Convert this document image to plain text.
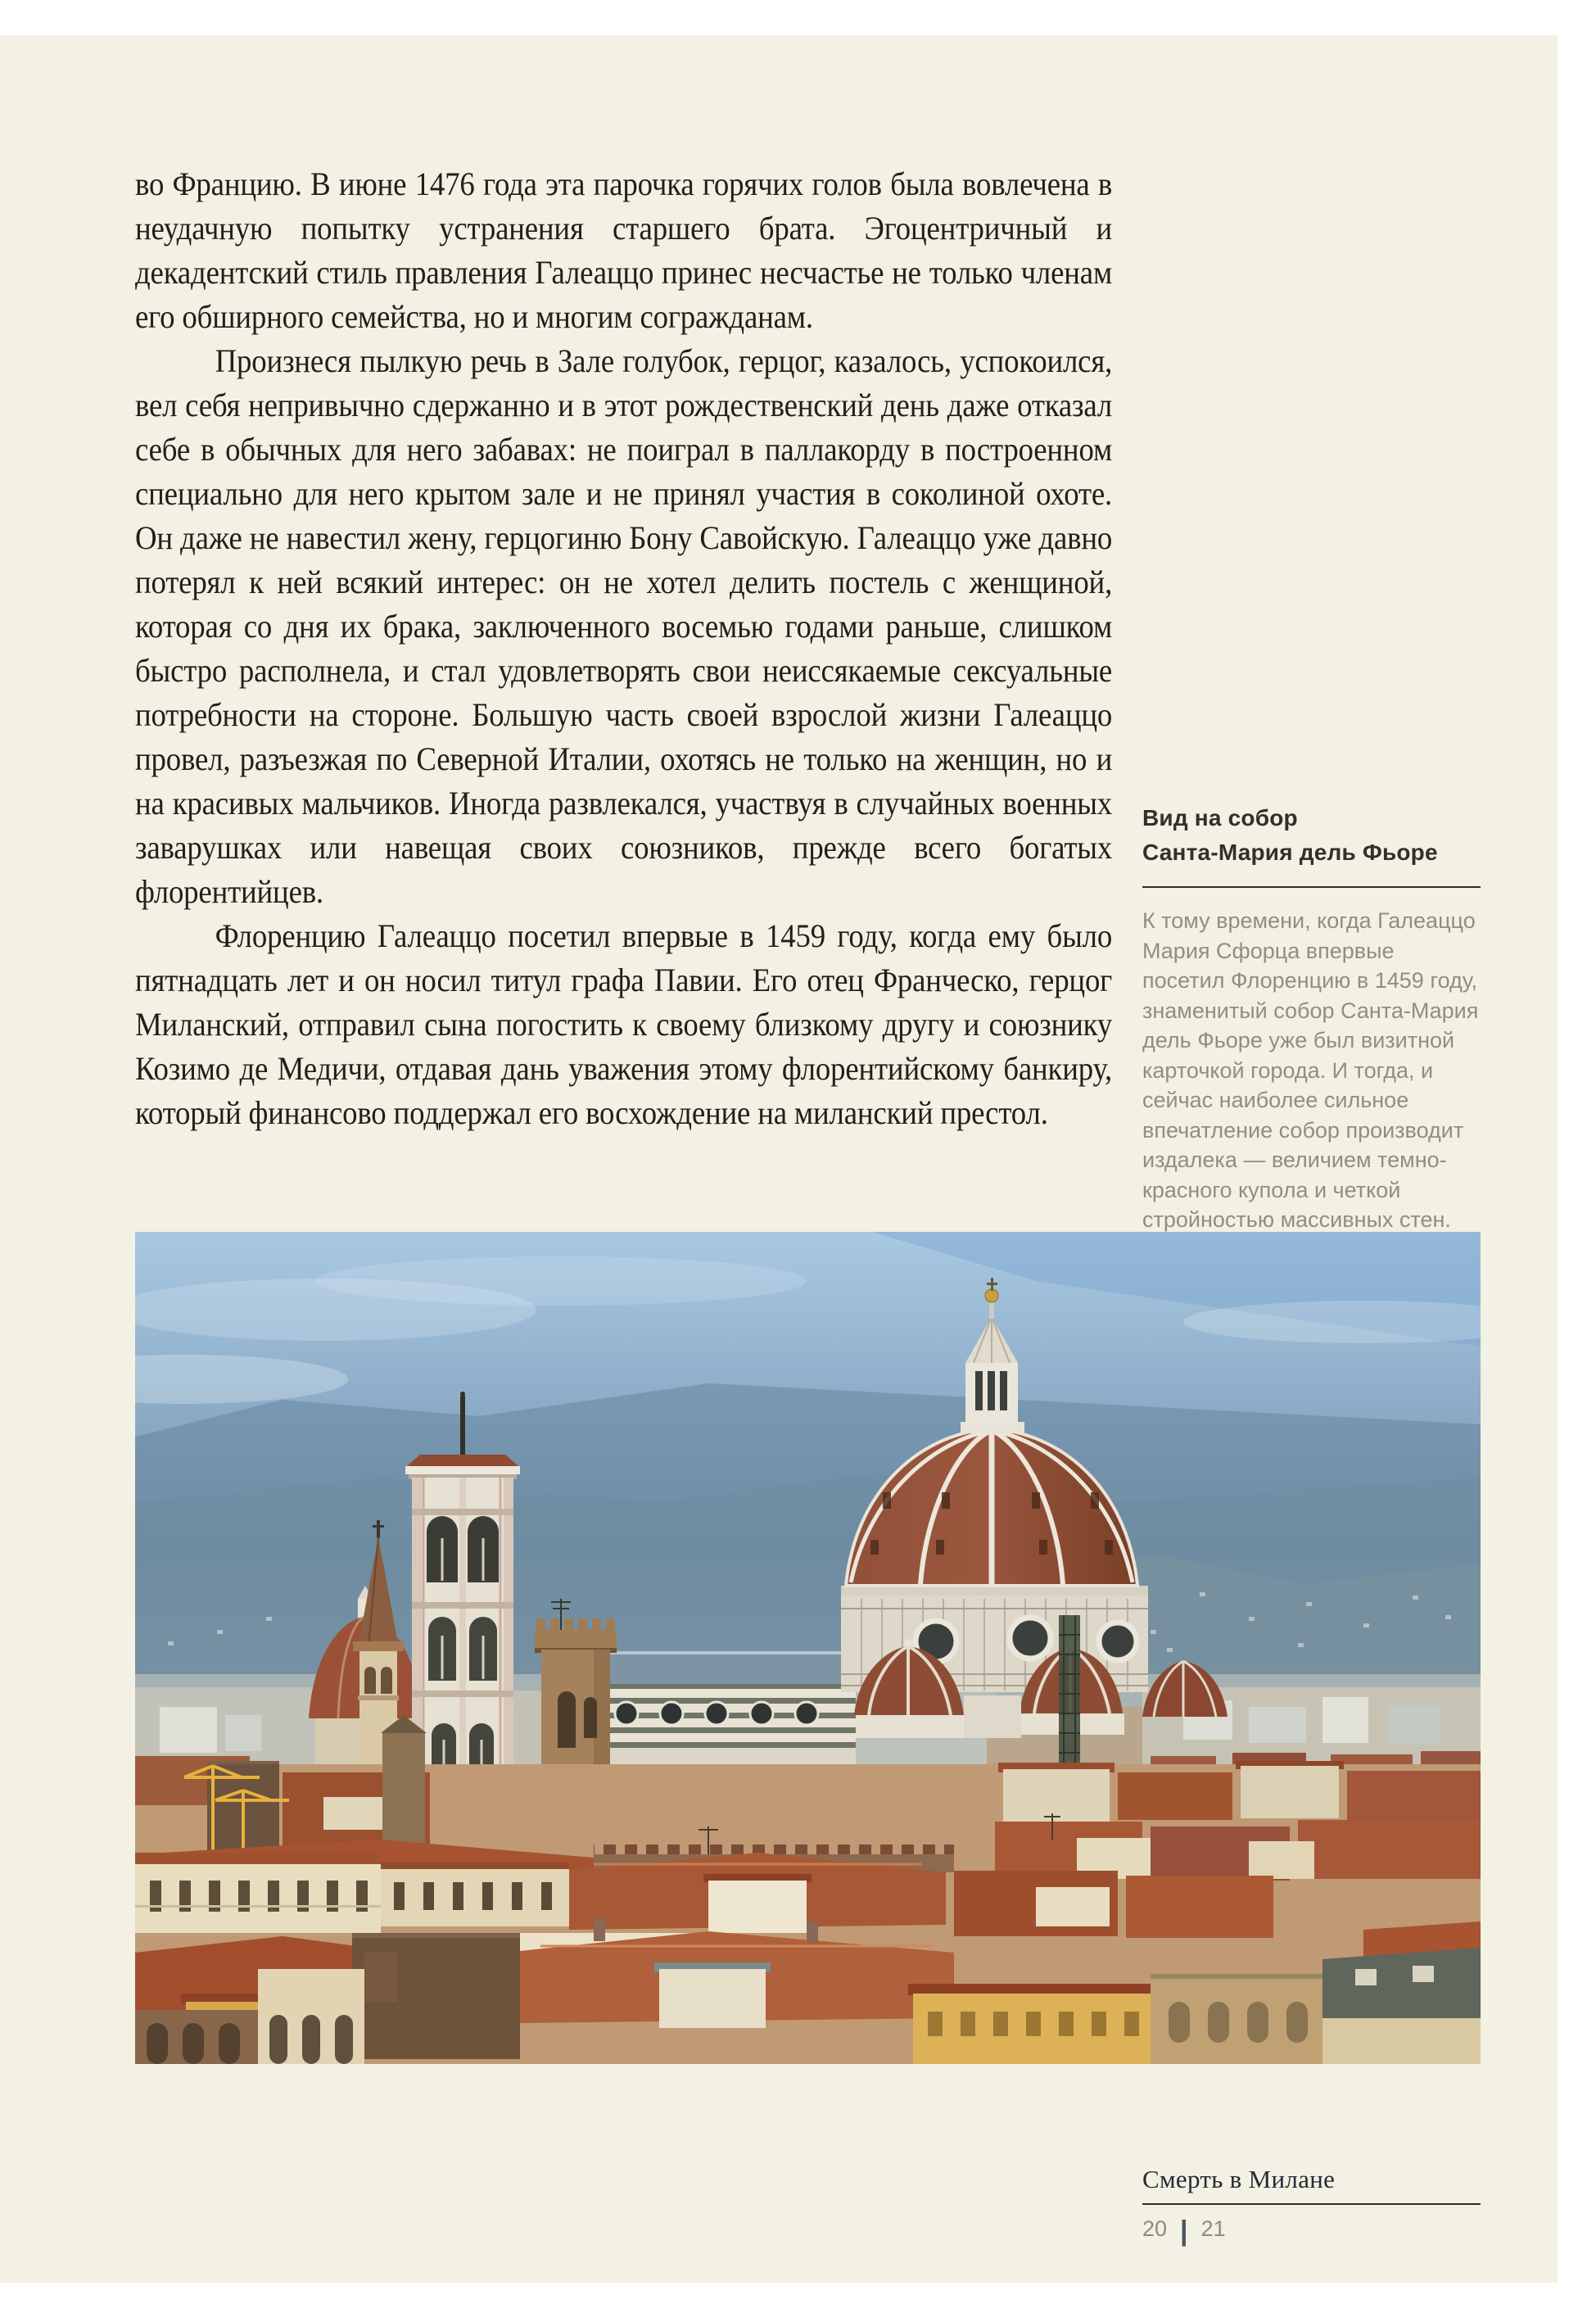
во Францию. В июне 1476 года эта парочка горячих голов была вовлечена в неудачную попытку устранения старшего брата. Эгоцентричный и декадентский стиль правления Галеаццо принес несчастье не только членам его обширного семейства, но и многим согражданам.

Произнеся пылкую речь в Зале голубок, герцог, казалось, успокоился, вел себя непривычно сдержанно и в этот рождественский день даже отказал себе в обычных для него забавах: не поиграл в паллакорду в построенном специально для него крытом зале и не принял участия в соколиной охоте. Он даже не навестил жену, герцогиню Бону Савойскую. Галеаццо уже давно потерял к ней всякий интерес: он не хотел делить постель с женщиной, которая со дня их брака, заключенного восемью годами раньше, слишком быстро располнела, и стал удовлетворять свои неиссякаемые сексуальные потребности на стороне. Большую часть своей взрослой жизни Галеаццо провел, разъезжая по Северной Италии, охотясь не только на женщин, но и на красивых мальчиков. Иногда развлекался, участвуя в случайных военных заварушках или навещая своих союзников, прежде всего богатых флорентийцев.

Флоренцию Галеаццо посетил впервые в 1459 году, когда ему было пятнадцать лет и он носил титул графа Павии. Его отец Франческо, герцог Миланский, отправил сына погостить к своему близкому другу и союзнику Козимо де Медичи, отдавая дань уважения этому флорентийскому банкиру, который финансово поддержал его восхождение на миланский престол.

Вид на собор
Санта-Мария дель Фьоре
К тому времени, когда Галеаццо Мария Сфорца впервые посетил Флоренцию в 1459 году, знаменитый собор Санта-Мария дель Фьоре уже был визитной карточкой города. И тогда, и сейчас наиболее сильное впечатление собор производит издалека — величием темно-красного купола и четкой стройностью массивных стен.
Смерть в Милане
20 | 21
